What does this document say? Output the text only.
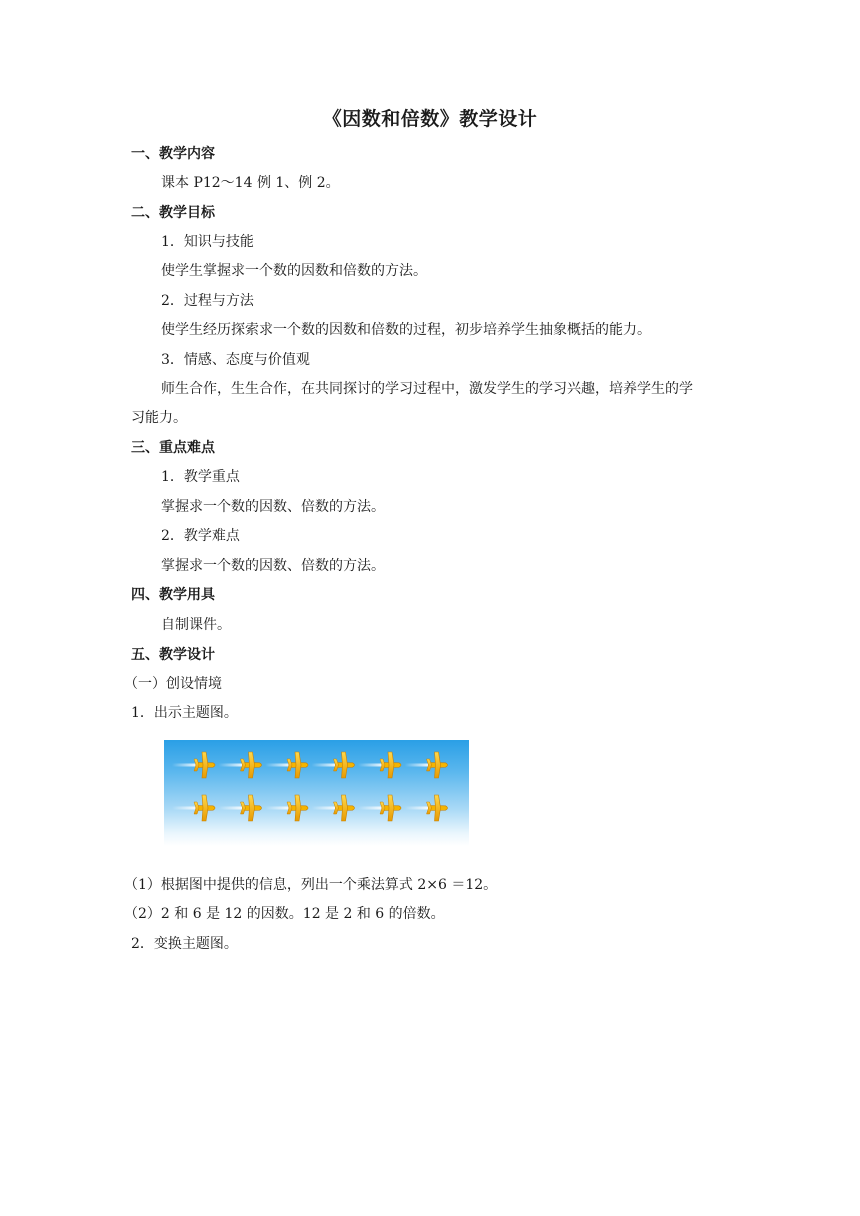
《因数和倍数》教学设计
一、教学内容
课本 P12～14 例 1、例 2。
二、教学目标
1．知识与技能
使学生掌握求一个数的因数和倍数的方法。
2．过程与方法
使学生经历探索求一个数的因数和倍数的过程，初步培养学生抽象概括的能力。
3．情感、态度与价值观
师生合作，生生合作，在共同探讨的学习过程中，激发学生的学习兴趣，培养学生的学
习能力。
三、重点难点
1．教学重点
掌握求一个数的因数、倍数的方法。
2．教学难点
掌握求一个数的因数、倍数的方法。
四、教学用具
自制课件。
五、教学设计
（一）创设情境
1．出示主题图。
（1）根据图中提供的信息，列出一个乘法算式 2×6 ＝12。
（2）2 和 6 是 12 的因数。12 是 2 和 6 的倍数。
2．变换主题图。
